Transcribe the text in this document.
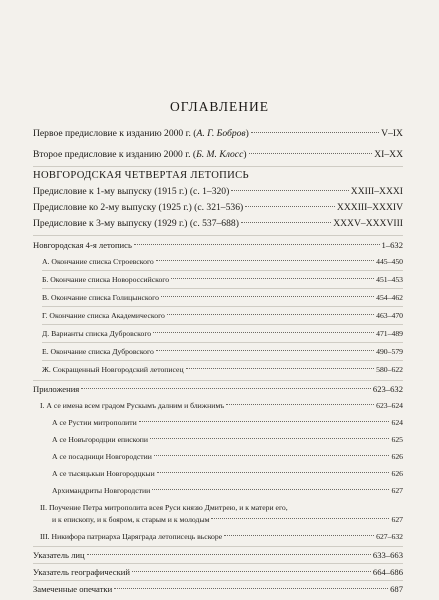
ОГЛАВЛЕНИЕ
Первое предисловие к изданию 2000 г. (А. Г. Бобров)	V–IX
Второе предисловие к изданию 2000 г. (Б. М. Клосс)	XI–XX
НОВГОРОДСКАЯ ЧЕТВЕРТАЯ ЛЕТОПИСЬ
Предисловие к 1-му выпуску (1915 г.) (с. 1–320)	XXIII–XXXI
Предисловие ко 2-му выпуску (1925 г.) (с. 321–536)	XXXIII–XXXIV
Предисловие к 3-му выпуску (1929 г.) (с. 537–688)	XXXV–XXXVIII
Новгородская 4-я летопись	1–632
А. Окончание списка Строевского	445–450
Б. Окончание списка Новороссийского	451–453
В. Окончание списка Голицынского	454–462
Г. Окончание списка Академического	463–470
Д. Варианты списка Дубровского	471–489
Е. Окончание списка Дубровского	490–579
Ж. Сокращенный Новгородский летописец	580–622
Приложения	623–632
I. А се имена всем градом Рускымъ далним и ближнимъ	623–624
А се Рустии митрополити	624
А се Новъгородции епископи	625
А се посадници Новгородстии	626
А се тысяцькыи Новгородцкыи	626
Архимандриты Новгородстии	627
II. Поучение Петра митрополита всея Руси князю Дмитрею, и к матери его,
и к епископу, и к бояром, к старым и к молодым	627
III. Никифора патриарха Царяграда летописець вьскоре	627–632
Указатель лиц	633–663
Указатель географический	664–686
Замеченные опечатки	687
